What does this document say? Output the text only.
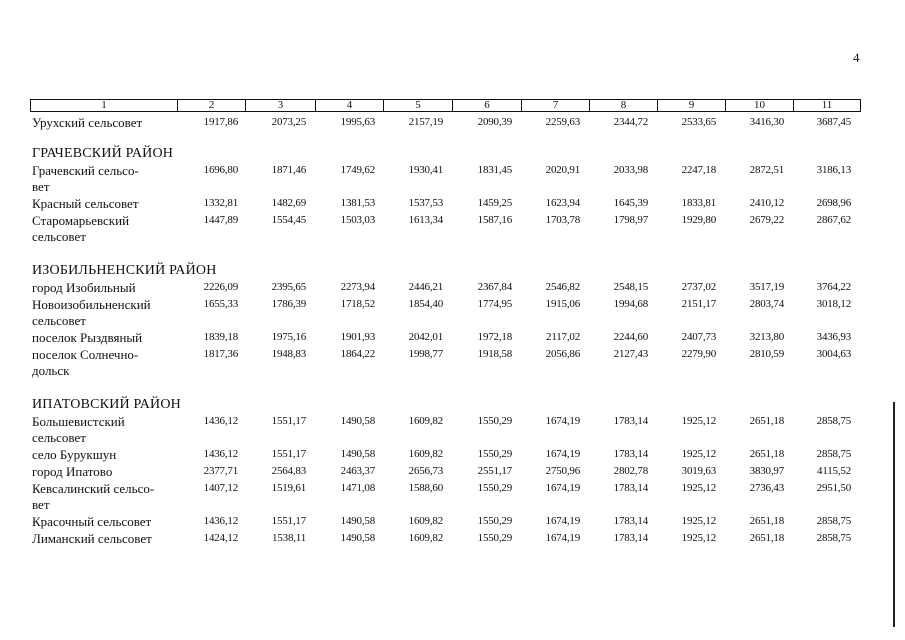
4
1	2	3	4	5	6	7	8	9	10	11
Урухский сельсовет	1917,86	2073,25	1995,63	2157,19	2090,39	2259,63	2344,72	2533,65	3416,30	3687,45
ГРАЧЕВСКИЙ РАЙОН
Грачевский сельсо-
вет
1696,80	1871,46	1749,62	1930,41	1831,45	2020,91	2033,98	2247,18	2872,51	3186,13
Красный сельсовет	1332,81	1482,69	1381,53	1537,53	1459,25	1623,94	1645,39	1833,81	2410,12	2698,96
Старомарьевский
сельсовет
1447,89	1554,45	1503,03	1613,34	1587,16	1703,78	1798,97	1929,80	2679,22	2867,62
ИЗОБИЛЬНЕНСКИЙ РАЙОН
город Изобильный	2226,09	2395,65	2273,94	2446,21	2367,84	2546,82	2548,15	2737,02	3517,19	3764,22
Новоизобильненский
сельсовет
1655,33	1786,39	1718,52	1854,40	1774,95	1915,06	1994,68	2151,17	2803,74	3018,12
поселок Рыздвяный	1839,18	1975,16	1901,93	2042,01	1972,18	2117,02	2244,60	2407,73	3213,80	3436,93
поселок Солнечно-
дольск
1817,36	1948,83	1864,22	1998,77	1918,58	2056,86	2127,43	2279,90	2810,59	3004,63
ИПАТОВСКИЙ РАЙОН
Большевистский
сельсовет
1436,12	1551,17	1490,58	1609,82	1550,29	1674,19	1783,14	1925,12	2651,18	2858,75
село Бурукшун	1436,12	1551,17	1490,58	1609,82	1550,29	1674,19	1783,14	1925,12	2651,18	2858,75
город Ипатово	2377,71	2564,83	2463,37	2656,73	2551,17	2750,96	2802,78	3019,63	3830,97	4115,52
Кевсалинский сельсо-
вет
1407,12	1519,61	1471,08	1588,60	1550,29	1674,19	1783,14	1925,12	2736,43	2951,50
Красочный сельсовет	1436,12	1551,17	1490,58	1609,82	1550,29	1674,19	1783,14	1925,12	2651,18	2858,75
Лиманский сельсовет	1424,12	1538,11	1490,58	1609,82	1550,29	1674,19	1783,14	1925,12	2651,18	2858,75
